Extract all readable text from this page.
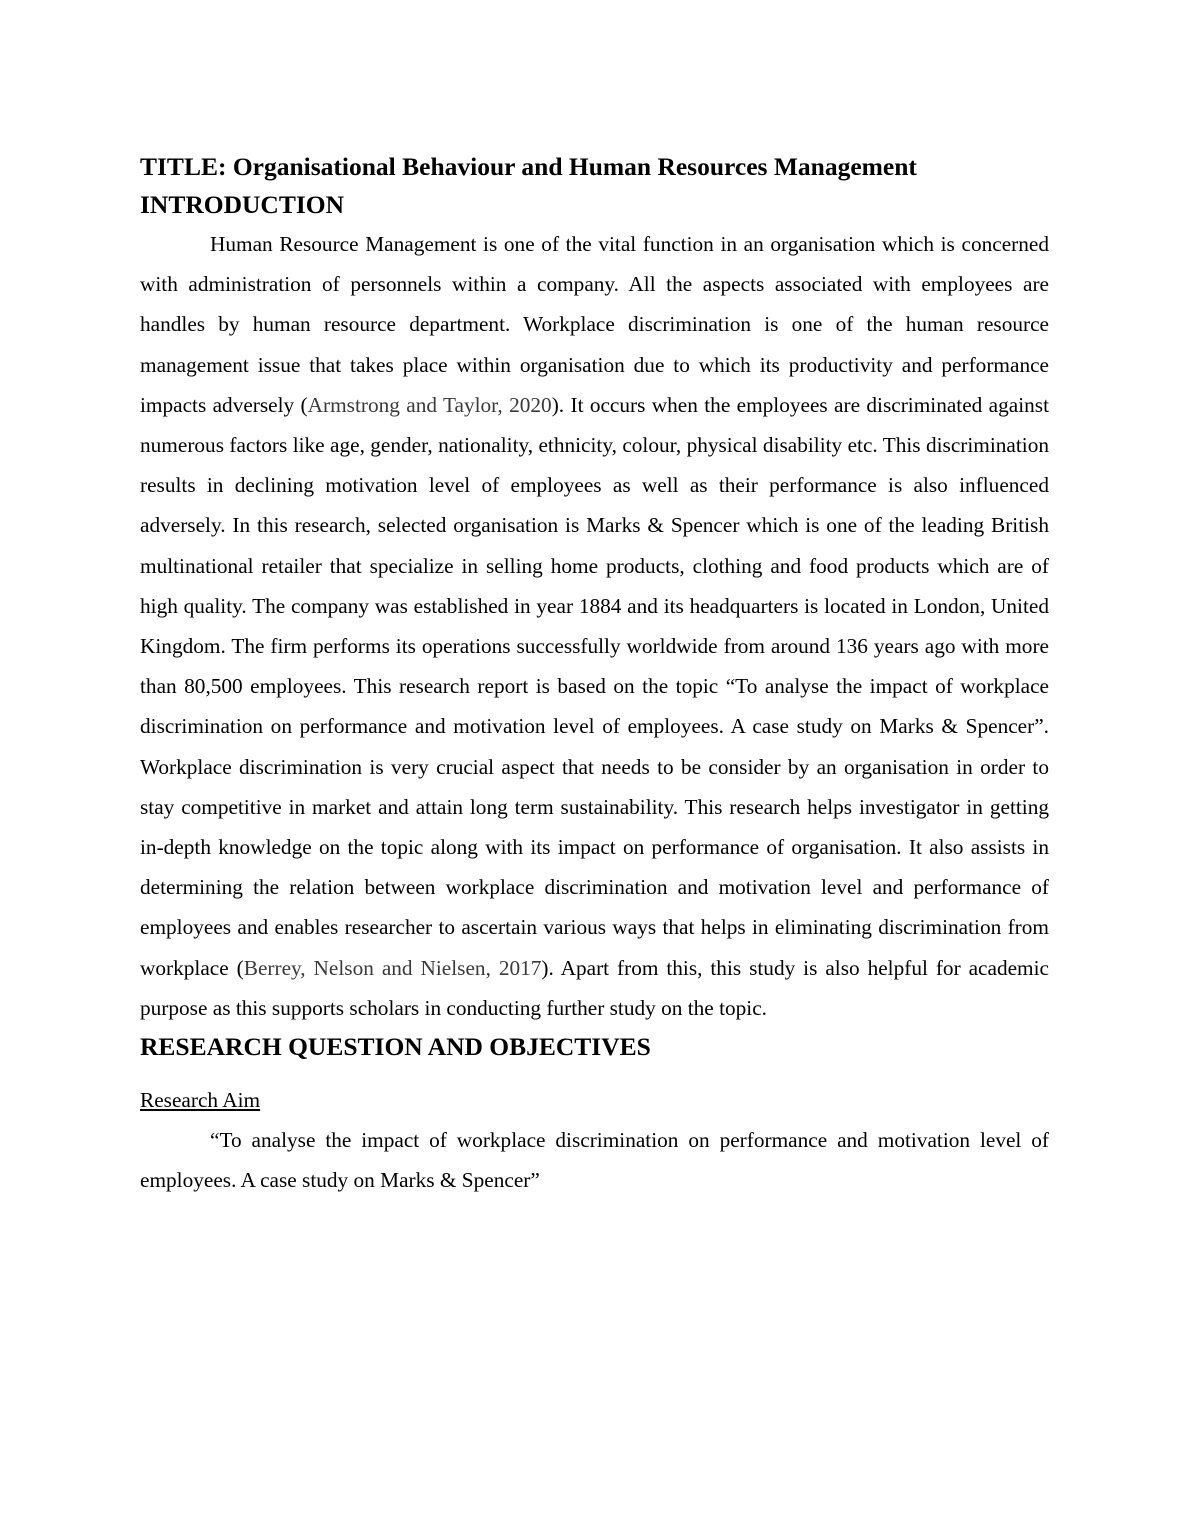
TITLE: Organisational Behaviour and Human Resources Management
INTRODUCTION

Human Resource Management is one of the vital function in an organisation which is concerned with administration of personnels within a company. All the aspects associated with employees are handles by human resource department. Workplace discrimination is one of the human resource management issue that takes place within organisation due to which its productivity and performance impacts adversely (Armstrong and Taylor, 2020). It occurs when the employees are discriminated against numerous factors like age, gender, nationality, ethnicity, colour, physical disability etc. This discrimination results in declining motivation level of employees as well as their performance is also influenced adversely. In this research, selected organisation is Marks & Spencer which is one of the leading British multinational retailer that specialize in selling home products, clothing and food products which are of high quality. The company was established in year 1884 and its headquarters is located in London, United Kingdom. The firm performs its operations successfully worldwide from around 136 years ago with more than 80,500 employees. This research report is based on the topic “To analyse the impact of workplace discrimination on performance and motivation level of employees. A case study on Marks & Spencer”. Workplace discrimination is very crucial aspect that needs to be consider by an organisation in order to stay competitive in market and attain long term sustainability. This research helps investigator in getting in-depth knowledge on the topic along with its impact on performance of organisation. It also assists in determining the relation between workplace discrimination and motivation level and performance of employees and enables researcher to ascertain various ways that helps in eliminating discrimination from workplace (Berrey, Nelson and Nielsen, 2017). Apart from this, this study is also helpful for academic purpose as this supports scholars in conducting further study on the topic.

RESEARCH QUESTION AND OBJECTIVES
Research Aim

“To analyse the impact of workplace discrimination on performance and motivation level of employees. A case study on Marks & Spencer”
